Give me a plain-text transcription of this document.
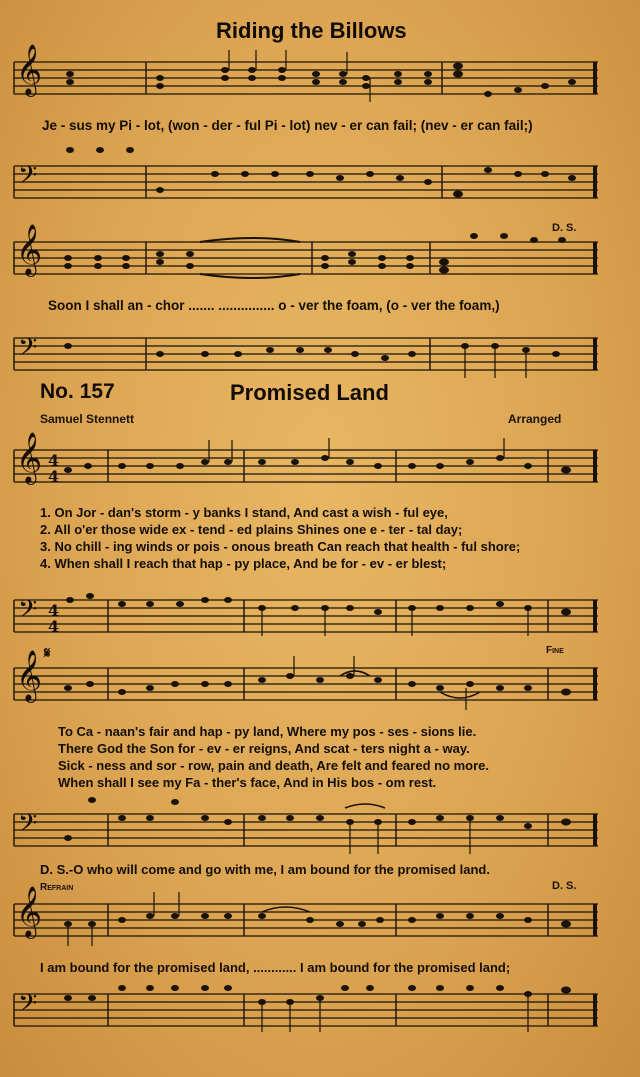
Riding the Billows
𝄞
Je - sus my Pi - lot, (won - der - ful Pi - lot) nev - er can fail; (nev - er can fail;)
𝄢
𝄞	D. S.
Soon I shall an - chor ....... ............... o - ver the foam, (o - ver the foam,)
𝄢
No. 157	Promised Land
Samuel Stennett	Arranged
4
4
𝄞
1. On Jor - dan's storm - y banks I stand, And cast a wish - ful eye,
2. All o'er those wide ex - tend - ed plains Shines one e - ter - tal day;
3. No chill - ing winds or pois - onous breath Can reach that health - ful shore;
4. When shall I reach that hap - py place, And be for - ev - er blest;
4
4
𝄢
𝄞 𝄋	Fine
To Ca - naan's fair and hap - py land, Where my pos - ses - sions lie.
There God the Son for - ev - er reigns, And scat - ters night a - way.
Sick - ness and sor - row, pain and death, Are felt and feared no more.
When shall I see my Fa - ther's face, And in His bos - om rest.
𝄢
D. S.-O who will come and go with me, I am bound for the promised land.
Refrain	D. S.
𝄞
I am bound for the promised land, ............ I am bound for the promised land;
𝄢
